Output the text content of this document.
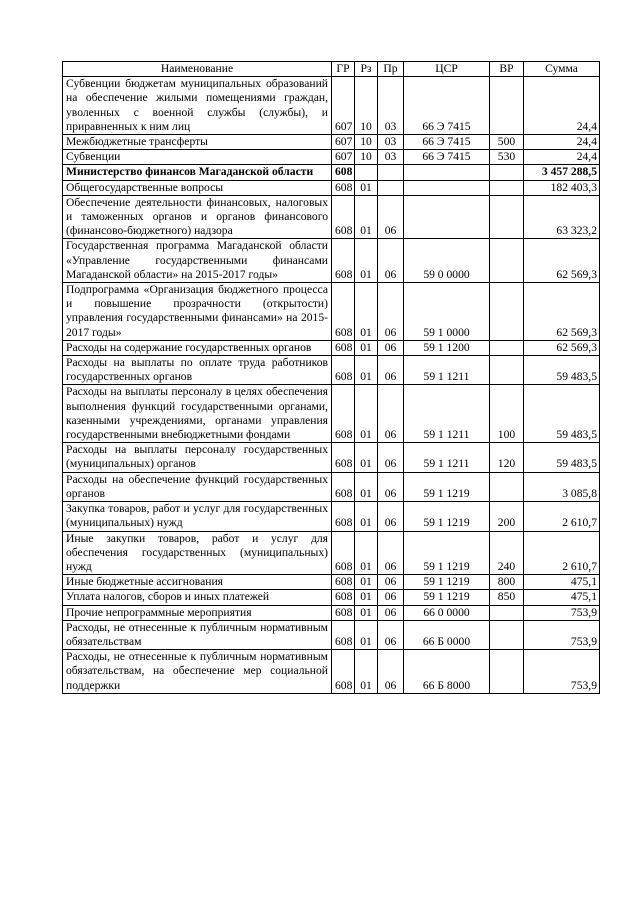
Наименование	ГР	Рз	Пр	ЦСР	ВР	Сумма
Субвенции бюджетам муниципальных образований на обеспечение жилыми помещениями граждан, уволенных с военной службы (службы), и приравненных к ним лиц	607	10	03	66 Э 7415		24,4
Межбюджетные трансферты	607	10	03	66 Э 7415	500	24,4
Субвенции	607	10	03	66 Э 7415	530	24,4
Министерство финансов Магаданской области	608					3 457 288,5
Общегосударственные вопросы	608	01				182 403,3
Обеспечение деятельности финансовых, налоговых и таможенных органов и органов финансового (финансово-бюджетного) надзора	608	01	06			63 323,2
Государственная программа Магаданской области «Управление государственными финансами Магаданской области» на 2015-2017 годы»	608	01	06	59 0 0000		62 569,3
Подпрограмма «Организация бюджетного процесса и повышение прозрачности (открытости) управления государственными финансами» на 2015-2017 годы»	608	01	06	59 1 0000		62 569,3
Расходы на содержание государственных органов	608	01	06	59 1 1200		62 569,3
Расходы на выплаты по оплате труда работников государственных органов	608	01	06	59 1 1211		59 483,5
Расходы на выплаты персоналу в целях обеспечения выполнения функций государственными органами, казенными учреждениями, органами управления государственными внебюджетными фондами	608	01	06	59 1 1211	100	59 483,5
Расходы на выплаты персоналу государственных (муниципальных) органов	608	01	06	59 1 1211	120	59 483,5
Расходы на обеспечение функций государственных органов	608	01	06	59 1 1219		3 085,8
Закупка товаров, работ и услуг для государственных (муниципальных) нужд	608	01	06	59 1 1219	200	2 610,7
Иные закупки товаров, работ и услуг для обеспечения государственных (муниципальных) нужд	608	01	06	59 1 1219	240	2 610,7
Иные бюджетные ассигнования	608	01	06	59 1 1219	800	475,1
Уплата налогов, сборов и иных платежей	608	01	06	59 1 1219	850	475,1
Прочие непрограммные мероприятия	608	01	06	66 0 0000		753,9
Расходы, не отнесенные к публичным нормативным обязательствам	608	01	06	66 Б 0000		753,9
Расходы, не отнесенные к публичным нормативным обязательствам, на обеспечение мер социальной поддержки	608	01	06	66 Б 8000		753,9
